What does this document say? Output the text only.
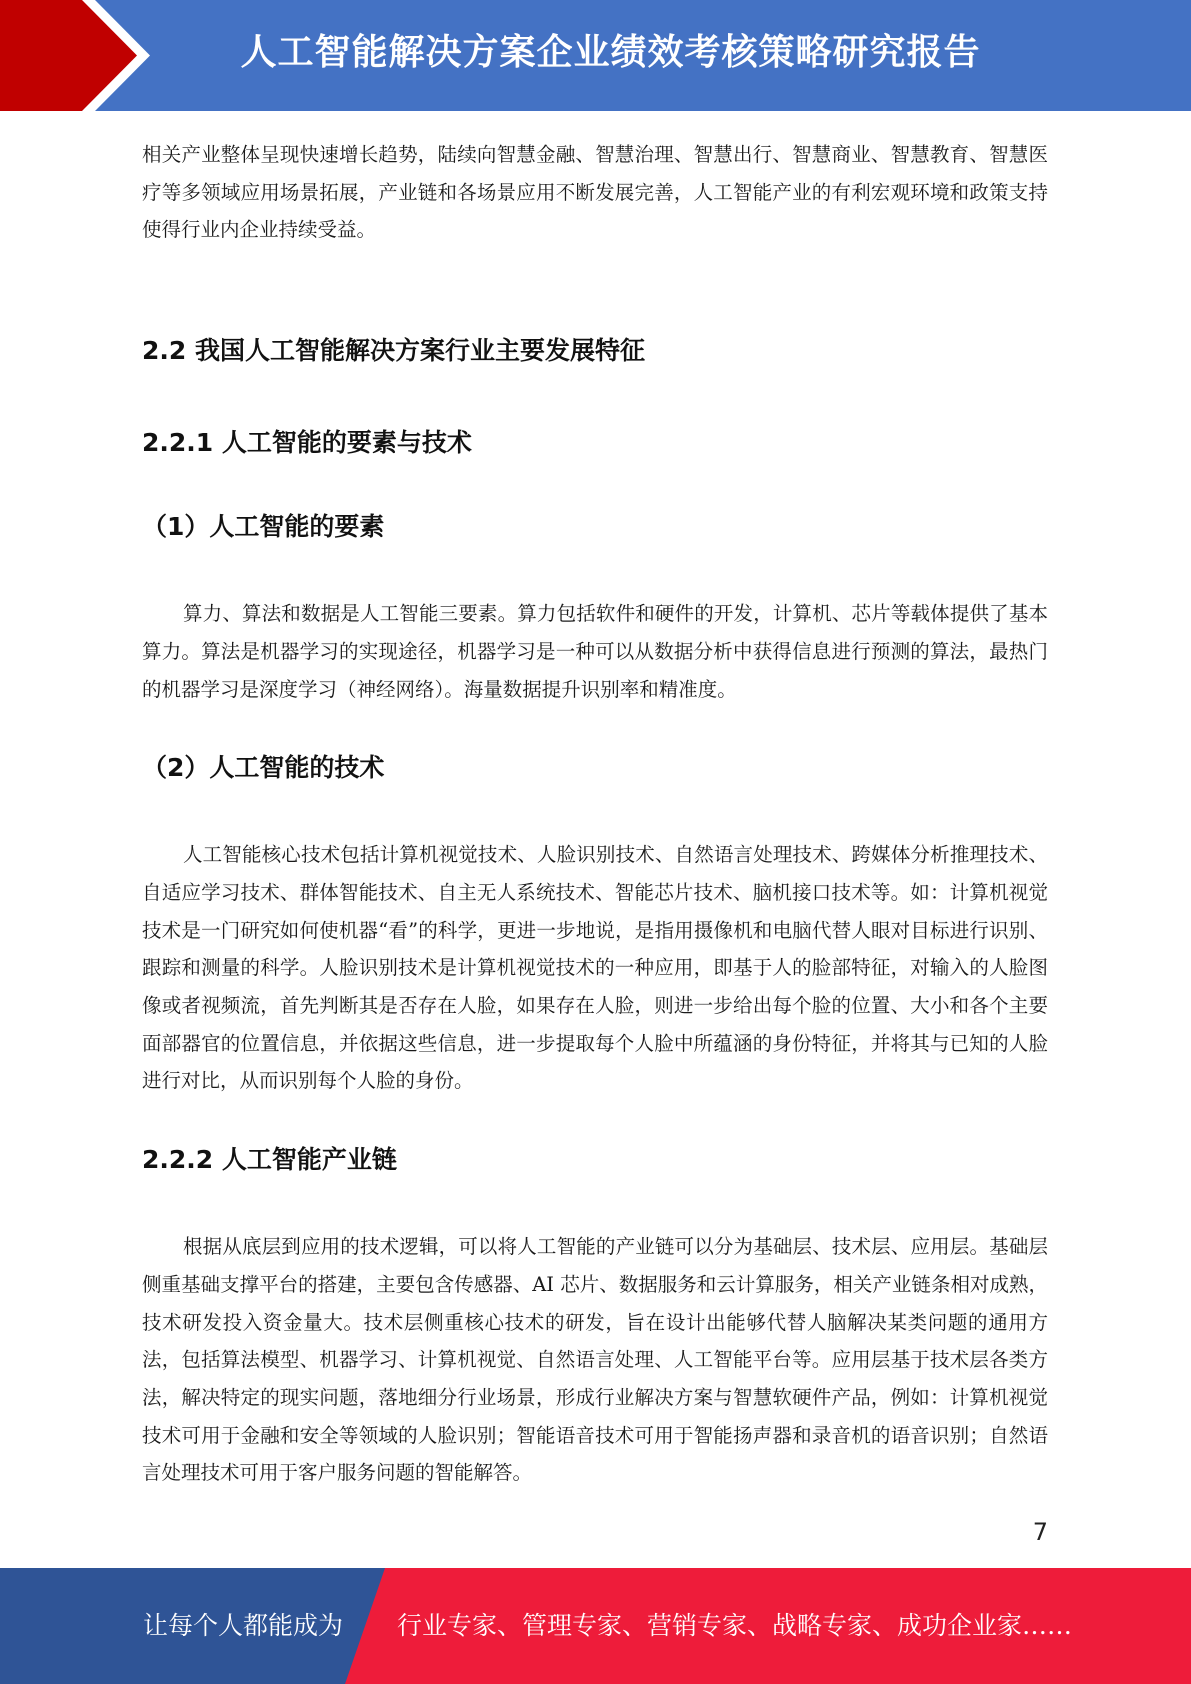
人工智能解决方案企业绩效考核策略研究报告

相关产业整体呈现快速增长趋势，陆续向智慧金融、智慧治理、智慧出行、智慧商业、智慧教育、智慧医疗等多领域应用场景拓展，产业链和各场景应用不断发展完善，人工智能产业的有利宏观环境和政策支持使得行业内企业持续受益。

2.2 我国人工智能解决方案行业主要发展特征
2.2.1 人工智能的要素与技术
（1）人工智能的要素

算力、算法和数据是人工智能三要素。算力包括软件和硬件的开发，计算机、芯片等载体提供了基本算力。算法是机器学习的实现途径，机器学习是一种可以从数据分析中获得信息进行预测的算法，最热门的机器学习是深度学习（神经网络）。海量数据提升识别率和精准度。

（2）人工智能的技术

人工智能核心技术包括计算机视觉技术、人脸识别技术、自然语言处理技术、跨媒体分析推理技术、自适应学习技术、群体智能技术、自主无人系统技术、智能芯片技术、脑机接口技术等。如：计算机视觉技术是一门研究如何使机器“看”的科学，更进一步地说，是指用摄像机和电脑代替人眼对目标进行识别、跟踪和测量的科学。人脸识别技术是计算机视觉技术的一种应用，即基于人的脸部特征，对输入的人脸图像或者视频流，首先判断其是否存在人脸，如果存在人脸，则进一步给出每个脸的位置、大小和各个主要面部器官的位置信息，并依据这些信息，进一步提取每个人脸中所蕴涵的身份特征，并将其与已知的人脸进行对比，从而识别每个人脸的身份。

2.2.2 人工智能产业链

根据从底层到应用的技术逻辑，可以将人工智能的产业链可以分为基础层、技术层、应用层。基础层侧重基础支撑平台的搭建，主要包含传感器、AI 芯片、数据服务和云计算服务，相关产业链条相对成熟，技术研发投入资金量大。技术层侧重核心技术的研发，旨在设计出能够代替人脑解决某类问题的通用方法，包括算法模型、机器学习、计算机视觉、自然语言处理、人工智能平台等。应用层基于技术层各类方法，解决特定的现实问题，落地细分行业场景，形成行业解决方案与智慧软硬件产品，例如：计算机视觉技术可用于金融和安全等领域的人脸识别；智能语音技术可用于智能扬声器和录音机的语音识别；自然语言处理技术可用于客户服务问题的智能解答。

7
让每个人都能成为 行业专家、管理专家、营销专家、战略专家、成功企业家……
